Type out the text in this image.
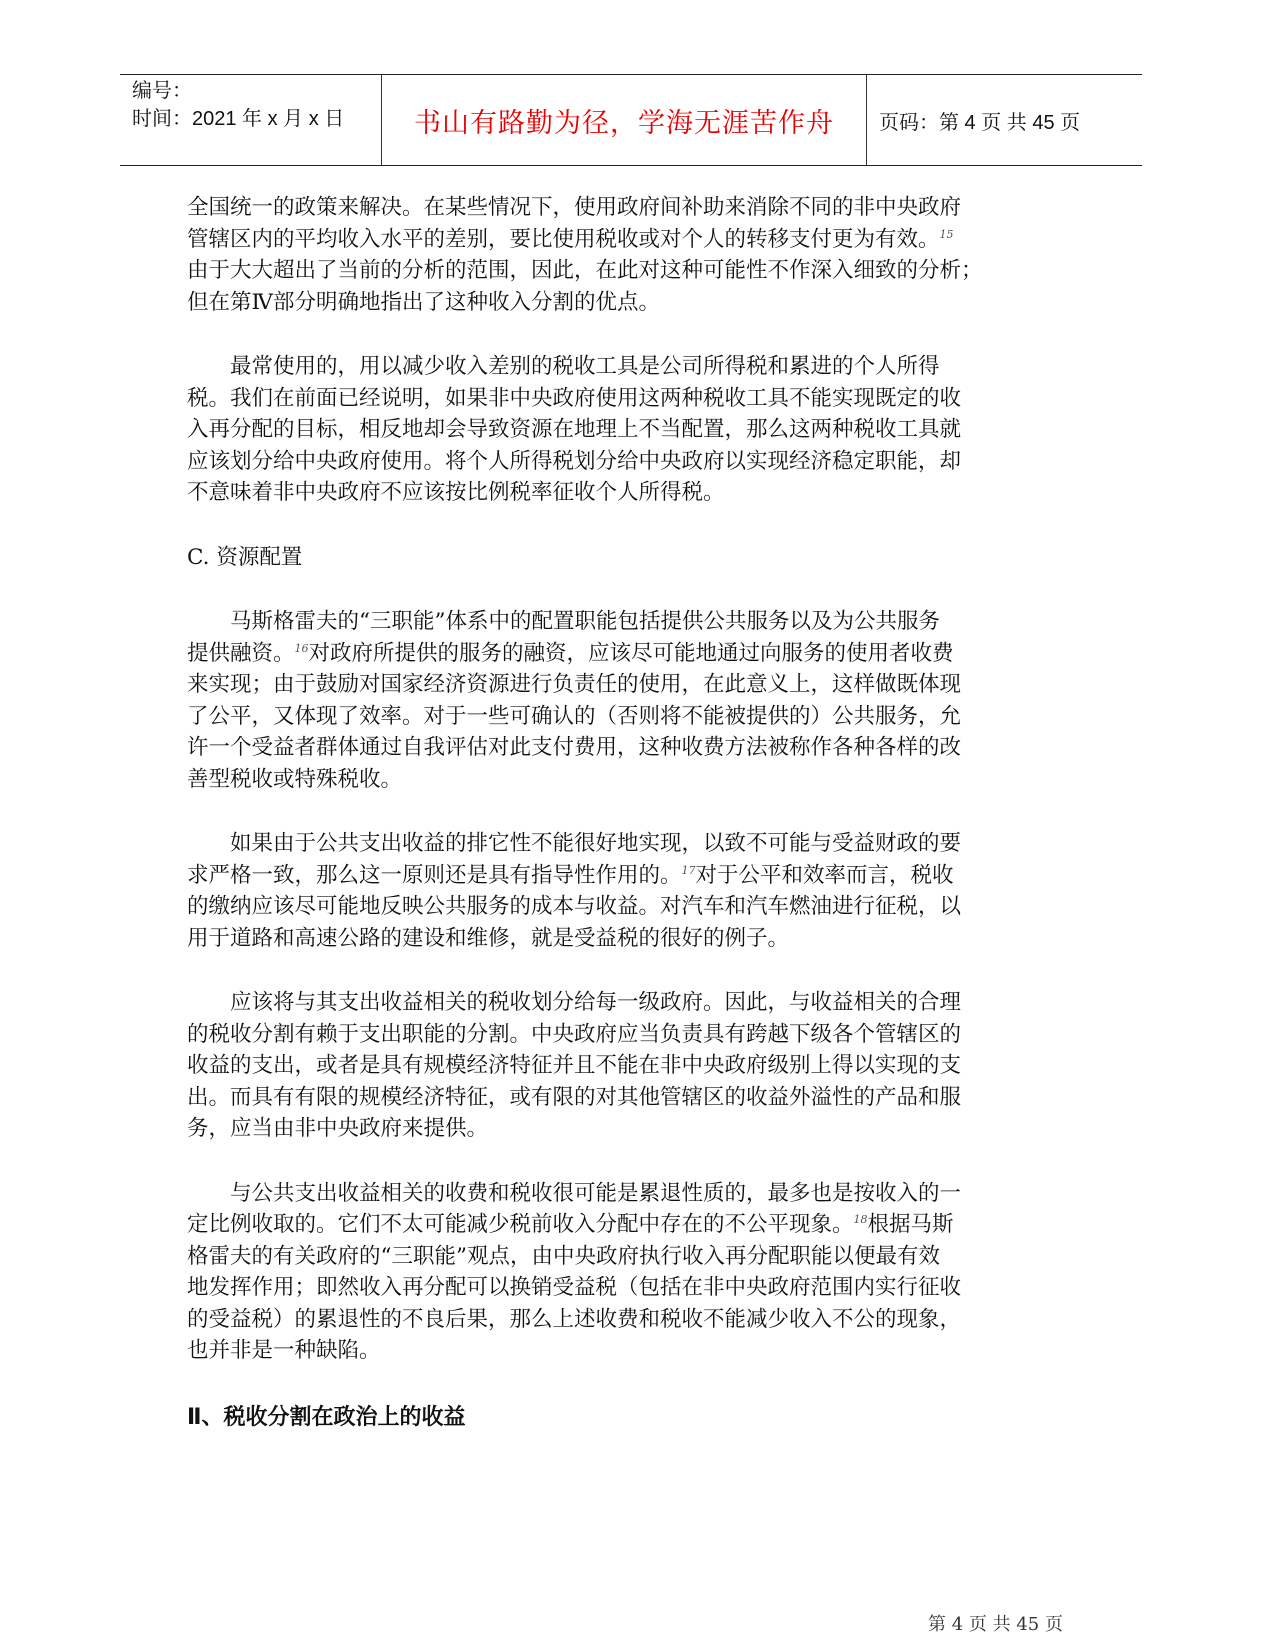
编号：
时间：2021 年 x 月 x 日	书山有路勤为径，学海无涯苦作舟	页码：第 4 页 共 45 页
全国统一的政策来解决。在某些情况下，使用政府间补助来消除不同的非中央政府
管辖区内的平均收入水平的差别，要比使用税收或对个人的转移支付更为有效。$^{15}$
由于大大超出了当前的分析的范围，因此，在此对这种可能性不作深入细致的分析；
但在第Ⅳ部分明确地指出了这种收入分割的优点。
最常使用的，用以减少收入差别的税收工具是公司所得税和累进的个人所得
税。我们在前面已经说明，如果非中央政府使用这两种税收工具不能实现既定的收
入再分配的目标，相反地却会导致资源在地理上不当配置，那么这两种税收工具就
应该划分给中央政府使用。将个人所得税划分给中央政府以实现经济稳定职能，却
不意味着非中央政府不应该按比例税率征收个人所得税。
C. 资源配置
马斯格雷夫的“三职能”体系中的配置职能包括提供公共服务以及为公共服务
提供融资。$^{16}$对政府所提供的服务的融资，应该尽可能地通过向服务的使用者收费
来实现；由于鼓励对国家经济资源进行负责任的使用，在此意义上，这样做既体现
了公平，又体现了效率。对于一些可确认的（否则将不能被提供的）公共服务，允
许一个受益者群体通过自我评估对此支付费用，这种收费方法被称作各种各样的改
善型税收或特殊税收。
如果由于公共支出收益的排它性不能很好地实现，以致不可能与受益财政的要
求严格一致，那么这一原则还是具有指导性作用的。$^{17}$对于公平和效率而言，税收
的缴纳应该尽可能地反映公共服务的成本与收益。对汽车和汽车燃油进行征税，以
用于道路和高速公路的建设和维修，就是受益税的很好的例子。
应该将与其支出收益相关的税收划分给每一级政府。因此，与收益相关的合理
的税收分割有赖于支出职能的分割。中央政府应当负责具有跨越下级各个管辖区的
收益的支出，或者是具有规模经济特征并且不能在非中央政府级别上得以实现的支
出。而具有有限的规模经济特征，或有限的对其他管辖区的收益外溢性的产品和服
务，应当由非中央政府来提供。
与公共支出收益相关的收费和税收很可能是累退性质的，最多也是按收入的一
定比例收取的。它们不太可能减少税前收入分配中存在的不公平现象。$^{18}$根据马斯
格雷夫的有关政府的“三职能”观点，由中央政府执行收入再分配职能以便最有效
地发挥作用；即然收入再分配可以换销受益税（包括在非中央政府范围内实行征收
的受益税）的累退性的不良后果，那么上述收费和税收不能减少收入不公的现象，
也并非是一种缺陷。
Ⅱ、税收分割在政治上的收益
第 4 页 共 45 页
